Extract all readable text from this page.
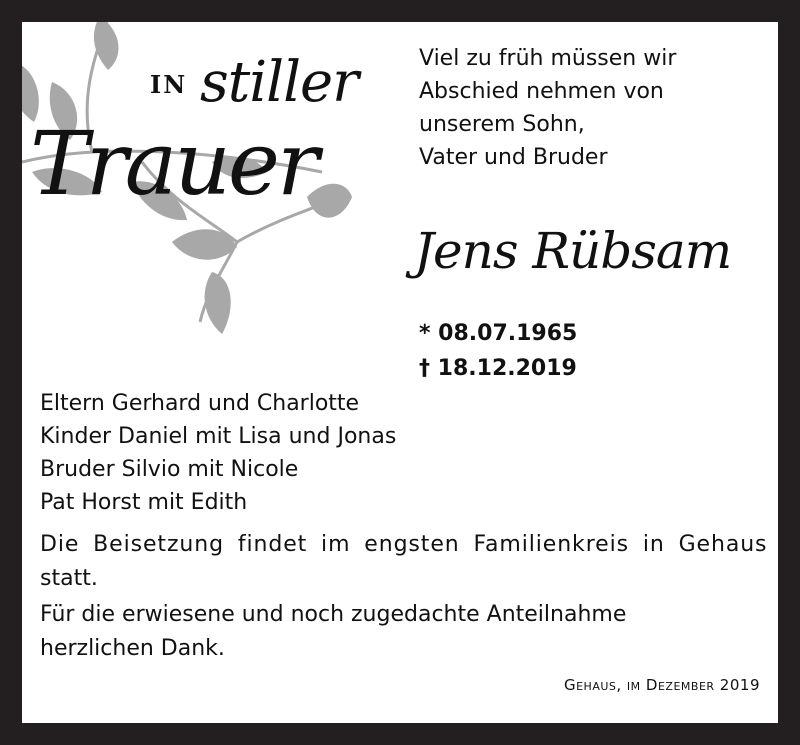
IN stiller
Trauer
Viel zu früh müssen wir
Abschied nehmen von
unserem Sohn,
Vater und Bruder
Jens Rübsam
* 08.07.1965
† 18.12.2019
Eltern Gerhard und Charlotte
Kinder Daniel mit Lisa und Jonas
Bruder Silvio mit Nicole
Pat Horst mit Edith
Die Beisetzung findet im engsten Familienkreis in Gehaus
statt.
Für die erwiesene und noch zugedachte Anteilnahme
herzlichen Dank.
Gehaus, im Dezember 2019
